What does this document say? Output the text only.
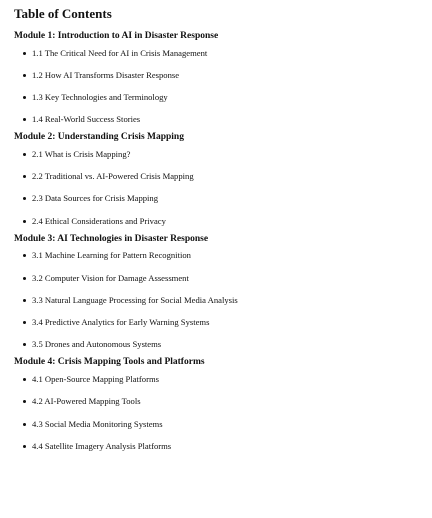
Table of Contents
Module 1: Introduction to AI in Disaster Response
1.1 The Critical Need for AI in Crisis Management
1.2 How AI Transforms Disaster Response
1.3 Key Technologies and Terminology
1.4 Real-World Success Stories
Module 2: Understanding Crisis Mapping
2.1 What is Crisis Mapping?
2.2 Traditional vs. AI-Powered Crisis Mapping
2.3 Data Sources for Crisis Mapping
2.4 Ethical Considerations and Privacy
Module 3: AI Technologies in Disaster Response
3.1 Machine Learning for Pattern Recognition
3.2 Computer Vision for Damage Assessment
3.3 Natural Language Processing for Social Media Analysis
3.4 Predictive Analytics for Early Warning Systems
3.5 Drones and Autonomous Systems
Module 4: Crisis Mapping Tools and Platforms
4.1 Open-Source Mapping Platforms
4.2 AI-Powered Mapping Tools
4.3 Social Media Monitoring Systems
4.4 Satellite Imagery Analysis Platforms
